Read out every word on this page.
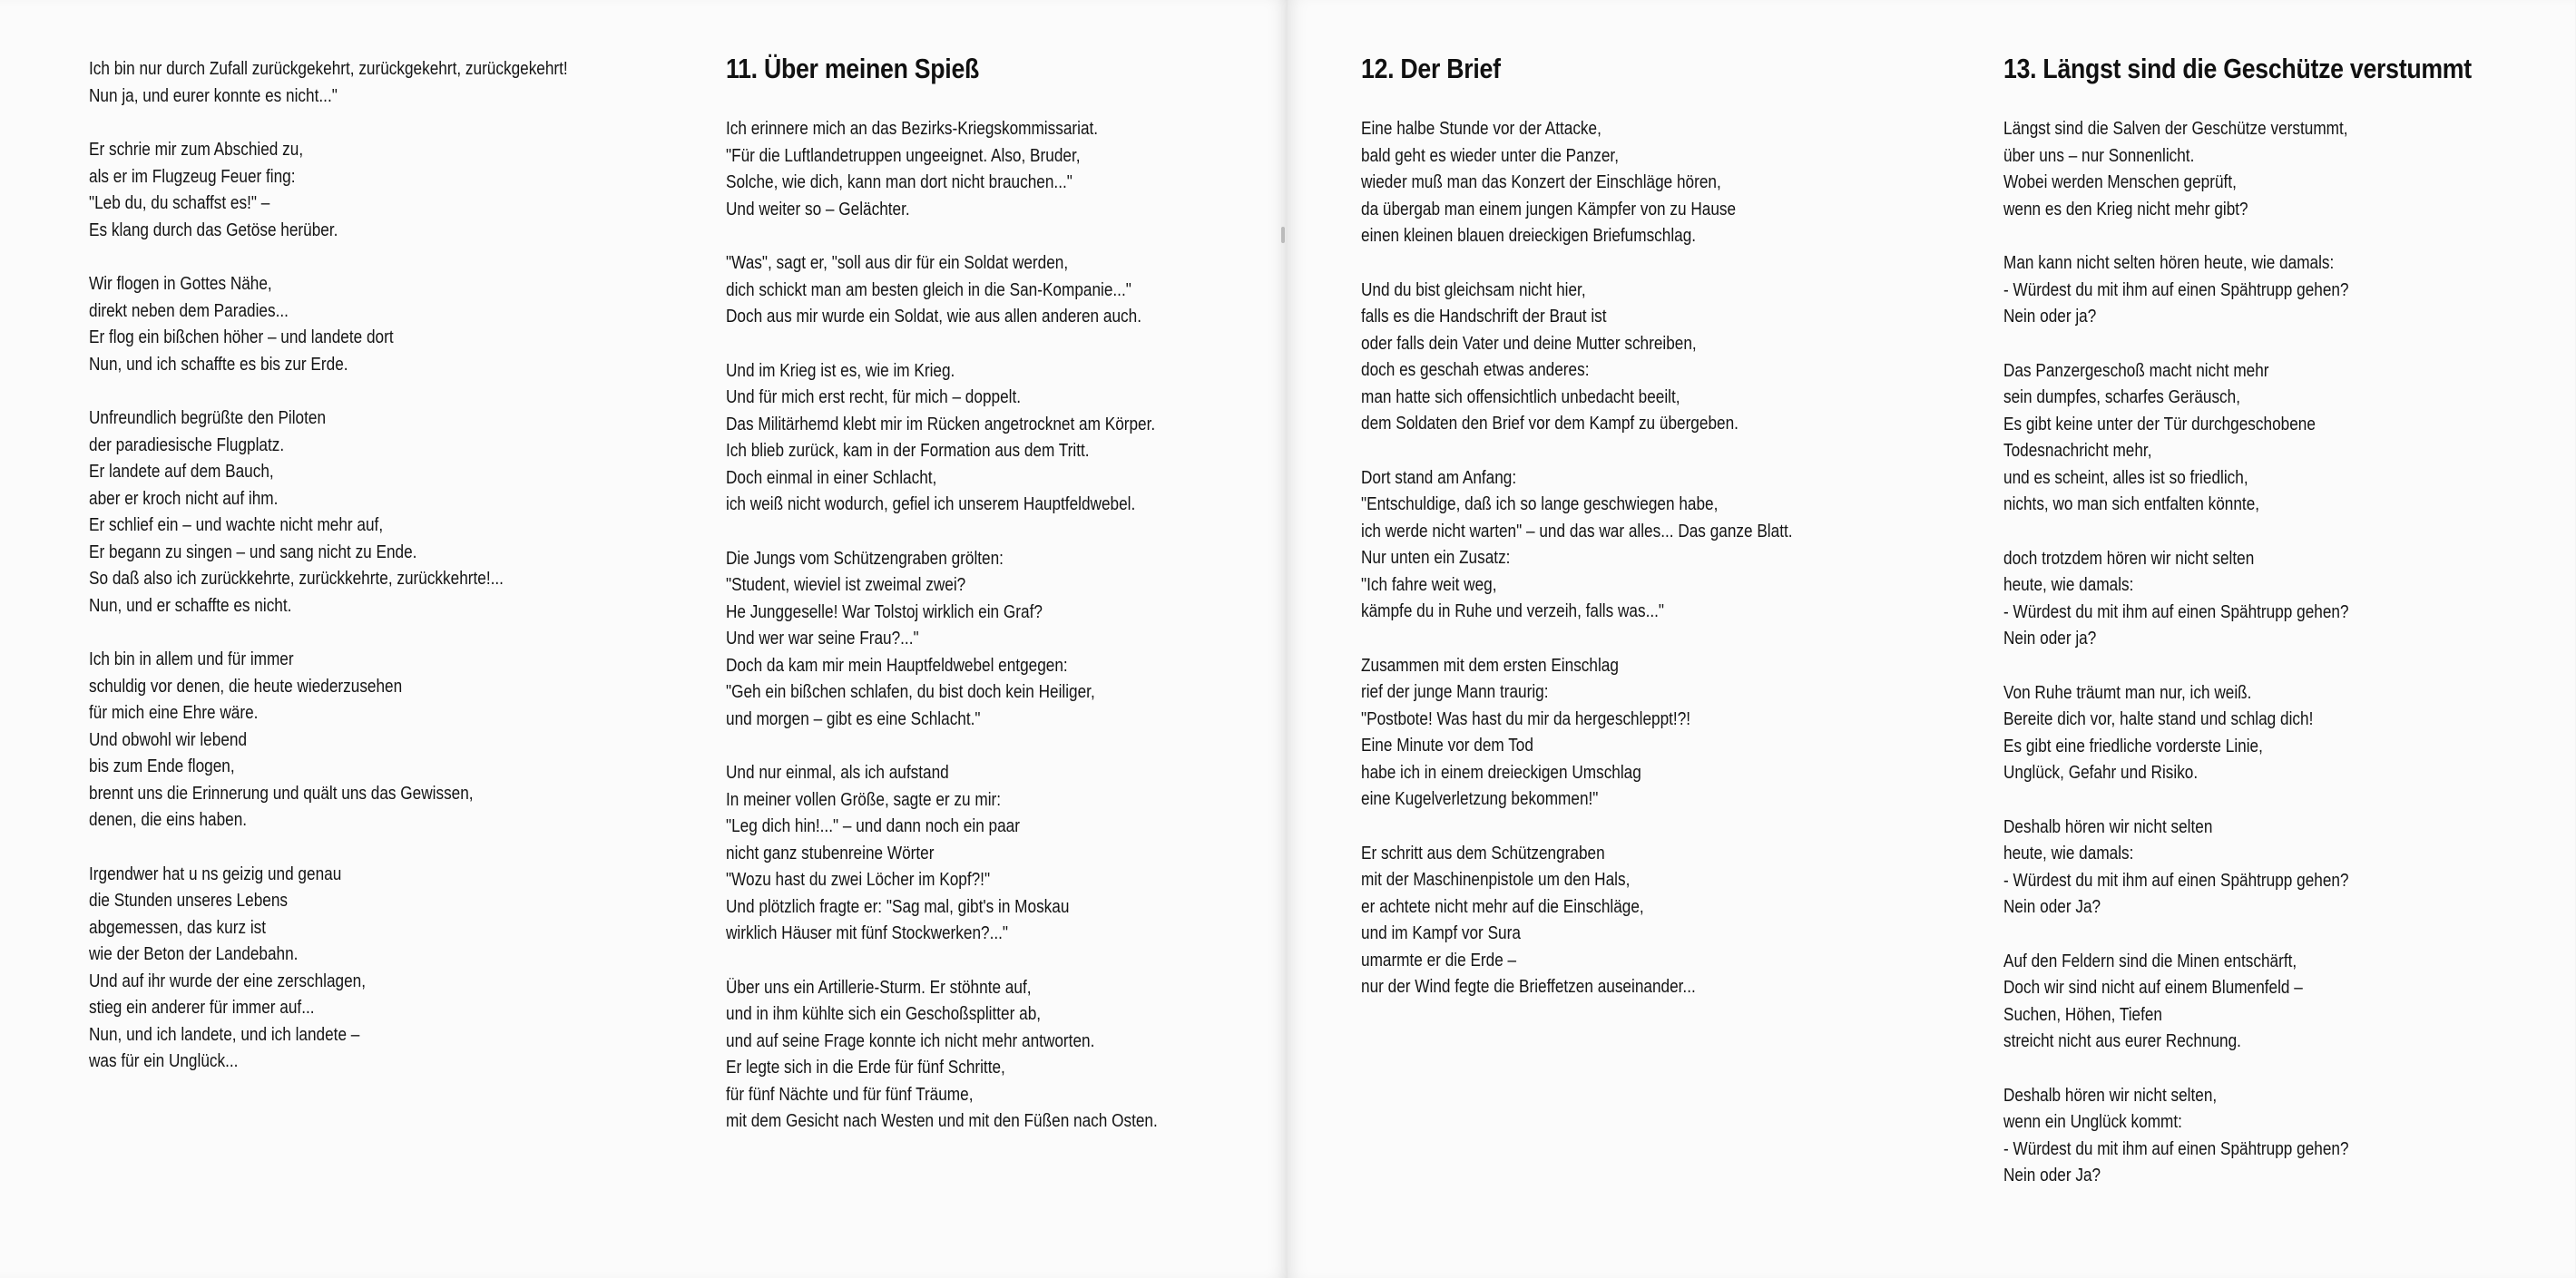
Ich bin nur durch Zufall zurückgekehrt, zurückgekehrt, zurückgekehrt!
Nun ja, und eurer konnte es nicht..."
Er schrie mir zum Abschied zu,
als er im Flugzeug Feuer fing:
"Leb du, du schaffst es!" –
Es klang durch das Getöse herüber.
Wir flogen in Gottes Nähe,
direkt neben dem Paradies...
Er flog ein bißchen höher – und landete dort
Nun, und ich schaffte es bis zur Erde.
Unfreundlich begrüßte den Piloten
der paradiesische Flugplatz.
Er landete auf dem Bauch,
aber er kroch nicht auf ihm.
Er schlief ein – und wachte nicht mehr auf,
Er begann zu singen – und sang nicht zu Ende.
So daß also ich zurückkehrte, zurückkehrte, zurückkehrte!...
Nun, und er schaffte es nicht.
Ich bin in allem und für immer
schuldig vor denen, die heute wiederzusehen
für mich eine Ehre wäre.
Und obwohl wir lebend
bis zum Ende flogen,
brennt uns die Erinnerung und quält uns das Gewissen,
denen, die eins haben.
Irgendwer hat u ns geizig und genau
die Stunden unseres Lebens
abgemessen, das kurz ist
wie der Beton der Landebahn.
Und auf ihr wurde der eine zerschlagen,
stieg ein anderer für immer auf...
Nun, und ich landete, und ich landete –
was für ein Unglück...
11. Über meinen Spieß
Ich erinnere mich an das Bezirks-Kriegskommissariat.
"Für die Luftlandetruppen ungeeignet. Also, Bruder,
Solche, wie dich, kann man dort nicht brauchen..."
Und weiter so – Gelächter.
"Was", sagt er, "soll aus dir für ein Soldat werden,
dich schickt man am besten gleich in die San-Kompanie..."
Doch aus mir wurde ein Soldat, wie aus allen anderen auch.
Und im Krieg ist es, wie im Krieg.
Und für mich erst recht, für mich – doppelt.
Das Militärhemd klebt mir im Rücken angetrocknet am Körper.
Ich blieb zurück, kam in der Formation aus dem Tritt.
Doch einmal in einer Schlacht,
ich weiß nicht wodurch, gefiel ich unserem Hauptfeldwebel.
Die Jungs vom Schützengraben grölten:
"Student, wieviel ist zweimal zwei?
He Junggeselle! War Tolstoj wirklich ein Graf?
Und wer war seine Frau?..."
Doch da kam mir mein Hauptfeldwebel entgegen:
"Geh ein bißchen schlafen, du bist doch kein Heiliger,
und morgen – gibt es eine Schlacht."
Und nur einmal, als ich aufstand
In meiner vollen Größe, sagte er zu mir:
"Leg dich hin!..." – und dann noch ein paar
nicht ganz stubenreine Wörter
"Wozu hast du zwei Löcher im Kopf?!"
Und plötzlich fragte er: "Sag mal, gibt's in Moskau
wirklich Häuser mit fünf Stockwerken?..."
Über uns ein Artillerie-Sturm. Er stöhnte auf,
und in ihm kühlte sich ein Geschoßsplitter ab,
und auf seine Frage konnte ich nicht mehr antworten.
Er legte sich in die Erde für fünf Schritte,
für fünf Nächte und für fünf Träume,
mit dem Gesicht nach Westen und mit den Füßen nach Osten.
12. Der Brief
Eine halbe Stunde vor der Attacke,
bald geht es wieder unter die Panzer,
wieder muß man das Konzert der Einschläge hören,
da übergab man einem jungen Kämpfer von zu Hause
einen kleinen blauen dreieckigen Briefumschlag.
Und du bist gleichsam nicht hier,
falls es die Handschrift der Braut ist
oder falls dein Vater und deine Mutter schreiben,
doch es geschah etwas anderes:
man hatte sich offensichtlich unbedacht beeilt,
dem Soldaten den Brief vor dem Kampf zu übergeben.
Dort stand am Anfang:
"Entschuldige, daß ich so lange geschwiegen habe,
ich werde nicht warten" – und das war alles... Das ganze Blatt.
Nur unten ein Zusatz:
"Ich fahre weit weg,
kämpfe du in Ruhe und verzeih, falls was..."
Zusammen mit dem ersten Einschlag
rief der junge Mann traurig:
"Postbote! Was hast du mir da hergeschleppt!?!
Eine Minute vor dem Tod
habe ich in einem dreieckigen Umschlag
eine Kugelverletzung bekommen!"
Er schritt aus dem Schützengraben
mit der Maschinenpistole um den Hals,
er achtete nicht mehr auf die Einschläge,
und im Kampf vor Sura
umarmte er die Erde –
nur der Wind fegte die Brieffetzen auseinander...
13. Längst sind die Geschütze verstummt
Längst sind die Salven der Geschütze verstummt,
über uns – nur Sonnenlicht.
Wobei werden Menschen geprüft,
wenn es den Krieg nicht mehr gibt?
Man kann nicht selten hören heute, wie damals:
- Würdest du mit ihm auf einen Spähtrupp gehen?
Nein oder ja?
Das Panzergeschoß macht nicht mehr
sein dumpfes, scharfes Geräusch,
Es gibt keine unter der Tür durchgeschobene
Todesnachricht mehr,
und es scheint, alles ist so friedlich,
nichts, wo man sich entfalten könnte,
doch trotzdem hören wir nicht selten
heute, wie damals:
- Würdest du mit ihm auf einen Spähtrupp gehen?
Nein oder ja?
Von Ruhe träumt man nur, ich weiß.
Bereite dich vor, halte stand und schlag dich!
Es gibt eine friedliche vorderste Linie,
Unglück, Gefahr und Risiko.
Deshalb hören wir nicht selten
heute, wie damals:
- Würdest du mit ihm auf einen Spähtrupp gehen?
Nein oder Ja?
Auf den Feldern sind die Minen entschärft,
Doch wir sind nicht auf einem Blumenfeld –
Suchen, Höhen, Tiefen
streicht nicht aus eurer Rechnung.
Deshalb hören wir nicht selten,
wenn ein Unglück kommt:
- Würdest du mit ihm auf einen Spähtrupp gehen?
Nein oder Ja?
